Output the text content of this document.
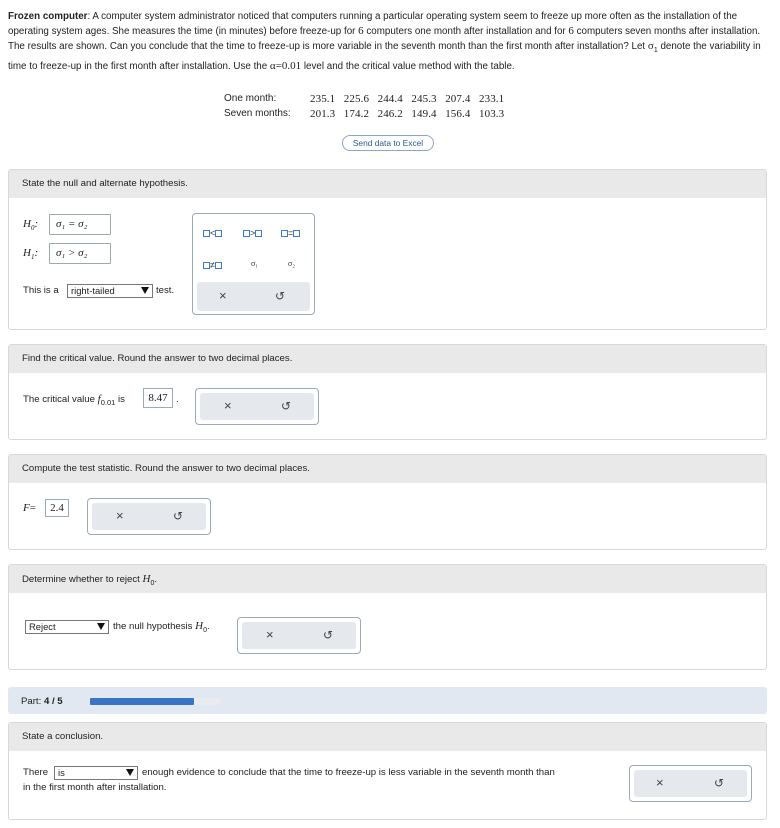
Frozen computer: A computer system administrator noticed that computers running a particular operating system seem to freeze up more often as the installation of the operating system ages. She measures the time (in minutes) before freeze-up for 6 computers one month after installation and for 6 computers seven months after installation. The results are shown. Can you conclude that the time to freeze-up is more variable in the seventh month than the first month after installation? Let $\sigma_1$ denote the variability in time to freeze-up in the first month after installation. Use the α=0.01 level and the critical value method with the table.
One month:	235.1   225.6   244.4   245.3   207.4   233.1
Seven months:	201.3   174.2   246.2   149.4   156.4   103.3
Send data to Excel
State the null and alternate hypothesis.
$H_0$:	σ₁ = σ₂
$H_1$:	σ₁ > σ₂
This is a	right-tailed	test.
<	>	=
≠	σ₁	σ₂
×	↺
Find the critical value. Round the answer to two decimal places.
The critical value $f_{0.01}$ is	8.47 .	×	↺
Compute the test statistic. Round the answer to two decimal places.
F=	2.4	×	↺
Determine whether to reject $H_0$.
Reject	the null hypothesis $H_0$.
×	↺
Part: 4 / 5
State a conclusion.
There	is	enough evidence to conclude that the time to freeze-up is less variable in the seventh month than
in the first month after installation.	×	↺
